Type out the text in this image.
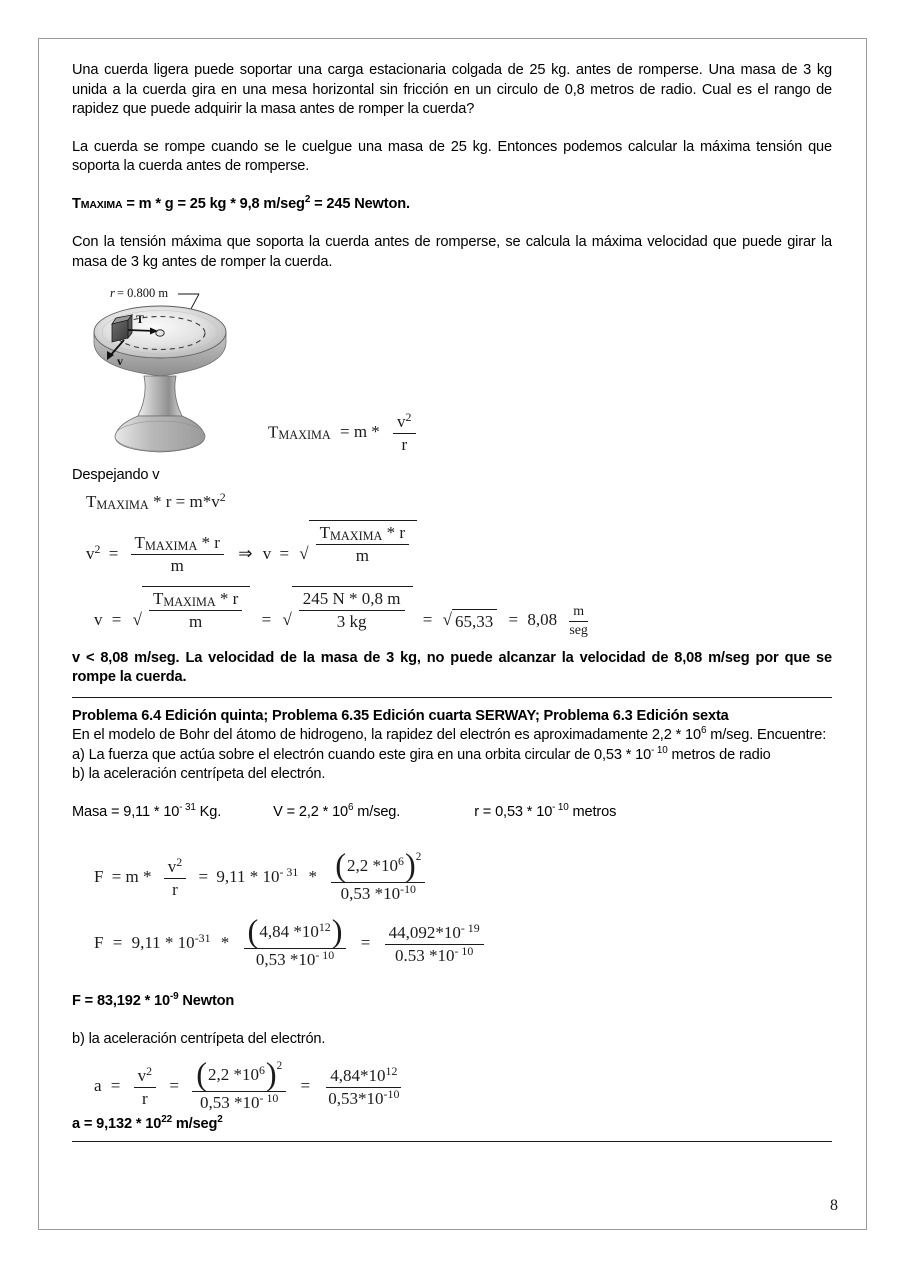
Una cuerda ligera puede soportar una carga estacionaria colgada de 25 kg. antes de romperse. Una masa de 3 kg unida a la cuerda gira en una mesa horizontal sin fricción en un circulo de 0,8 metros de radio. Cual es el rango de rapidez que puede adquirir la masa antes de romper la cuerda?

La cuerda se rompe cuando se le cuelgue una masa de 25 kg. Entonces podemos calcular la máxima tensión que soporta la cuerda antes de romperse.

TMAXIMA = m * g = 25 kg * 9,8 m/seg$^2$ = 245 Newton.

Con la tensión máxima que soporta la cuerda antes de romperse, se calcula la máxima velocidad que puede girar la masa de 3 kg antes de romper la cuerda.

r = 0.800 m
T
v
TMAXIMA = m * $\frac{v^2}{r}$

Despejando v

TMAXIMA * $r = m*v^2$
$v^2 = \frac{\text{TMAXIMA * r}}{m}$ ⇒ v = √ $\frac{\text{TMAXIMA * r}}{m}$
v = √ $\frac{\text{TMAXIMA * r}}{m}$ = √ $\frac{245 N * 0,8 m}{3 kg}$ = √ $65,33 = 8,08 \frac{m}{\text{seg}}$

v < 8,08 m/seg. La velocidad de la masa de 3 kg, no puede alcanzar la velocidad de 8,08 m/seg por que se rompe la cuerda.

Problema 6.4 Edición quinta; Problema 6.35 Edición cuarta SERWAY; Problema 6.3 Edición sexta

En el modelo de Bohr del átomo de hidrogeno, la rapidez del electrón es aproximadamente $2,2 * 10^6$ m/seg. Encuentre:

a) La fuerza que actúa sobre el electrón cuando este gira en una orbita circular de $0,53 * 10^{- 10}$ metros de radio

b) la aceleración centrípeta del electrón.

Masa = $9,11 * 10^{- 31}$ Kg.	$V = 2,2 * 10^6$ m/seg.	$r = 0,53 * 10^{- 10}$ metros

$F = m * \frac{v^2}{r} = 9,11 * 10^{- 31} * \frac{( 2,2 *10^6 ) 2}{0,53 *10^{-10}}$
$F = 9,11 * 10^{-31} * \frac{( 4,84 *10^{12} )}{0,53 *10^{- 10}} = \frac{44,092*10^{- 19}}{0.53 *10^{- 10}}$

$F = 83,192 * 10^{-9}$ Newton

b) la aceleración centrípeta del electrón.

$a = \frac{v^2}{r} = \frac{( 2,2 *10^6 ) 2}{0,53 *10^{- 10}} = \frac{4,84*10^{12}}{0,53*10^{-10}}$

$a = 9,132 * 10^{22}$ m/seg$^2$

8
